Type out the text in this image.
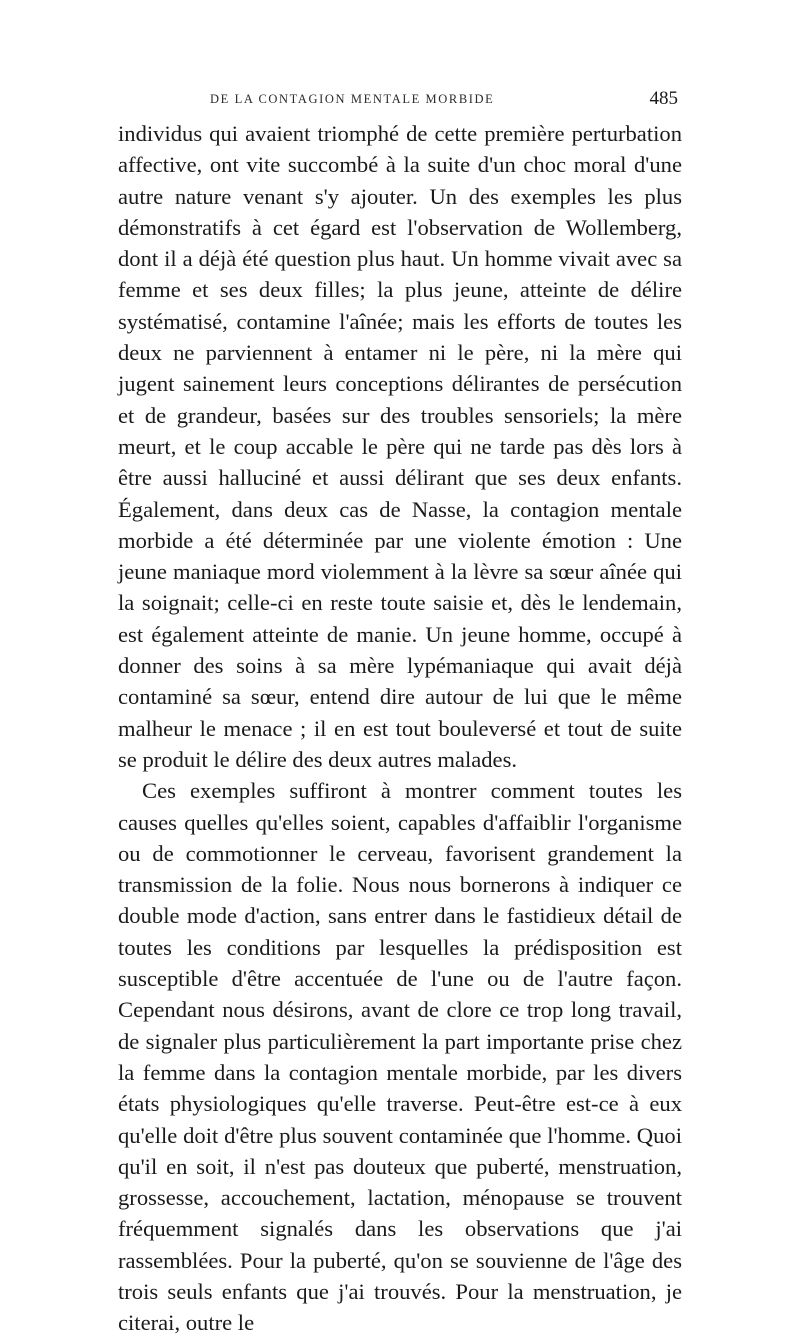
DE LA CONTAGION MENTALE MORBIDE	485

individus qui avaient triomphé de cette première perturbation affective, ont vite succombé à la suite d'un choc moral d'une autre nature venant s'y ajouter. Un des exemples les plus démonstratifs à cet égard est l'observation de Wollemberg, dont il a déjà été question plus haut. Un homme vivait avec sa femme et ses deux filles; la plus jeune, atteinte de délire systématisé, contamine l'aînée; mais les efforts de toutes les deux ne parviennent à entamer ni le père, ni la mère qui jugent sainement leurs conceptions délirantes de persécution et de grandeur, basées sur des troubles sensoriels; la mère meurt, et le coup accable le père qui ne tarde pas dès lors à être aussi halluciné et aussi délirant que ses deux enfants. Également, dans deux cas de Nasse, la contagion mentale morbide a été déterminée par une violente émotion : Une jeune maniaque mord violemment à la lèvre sa sœur aînée qui la soignait; celle-ci en reste toute saisie et, dès le lendemain, est également atteinte de manie. Un jeune homme, occupé à donner des soins à sa mère lypémaniaque qui avait déjà contaminé sa sœur, entend dire autour de lui que le même malheur le menace ; il en est tout bouleversé et tout de suite se produit le délire des deux autres malades.

Ces exemples suffiront à montrer comment toutes les causes quelles qu'elles soient, capables d'affaiblir l'organisme ou de commotionner le cerveau, favorisent grandement la transmission de la folie. Nous nous bornerons à indiquer ce double mode d'action, sans entrer dans le fastidieux détail de toutes les conditions par lesquelles la prédisposition est susceptible d'être accentuée de l'une ou de l'autre façon. Cependant nous désirons, avant de clore ce trop long travail, de signaler plus particulièrement la part importante prise chez la femme dans la contagion mentale morbide, par les divers états physiologiques qu'elle traverse. Peut-être est-ce à eux qu'elle doit d'être plus souvent contaminée que l'homme. Quoi qu'il en soit, il n'est pas douteux que puberté, menstruation, grossesse, accouchement, lactation, ménopause se trouvent fréquemment signalés dans les observations que j'ai rassemblées. Pour la puberté, qu'on se souvienne de l'âge des trois seuls enfants que j'ai trouvés. Pour la menstruation, je citerai, outre le
